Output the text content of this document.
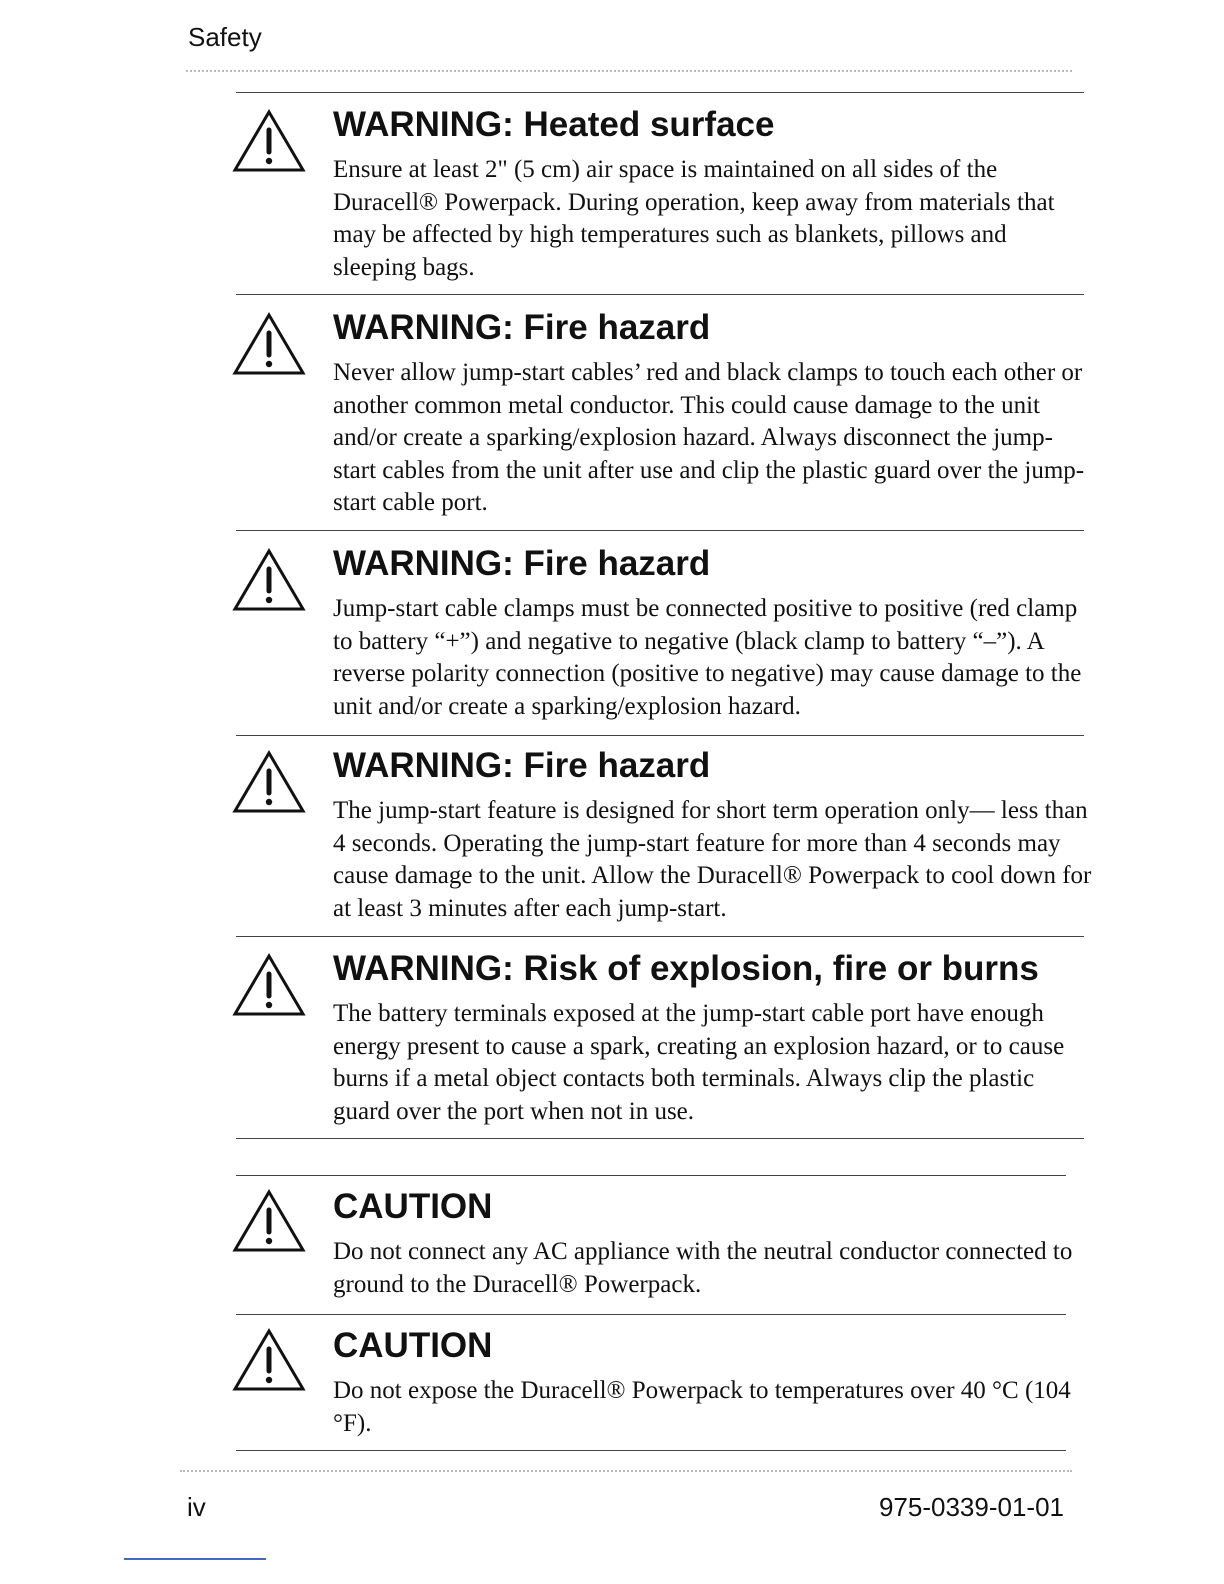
Safety
WARNING: Heated surface

Ensure at least 2" (5 cm) air space is maintained on all sides of the Duracell® Powerpack. During operation, keep away from materials that may be affected by high temperatures such as blankets, pillows and sleeping bags.

WARNING: Fire hazard

Never allow jump-start cables’ red and black clamps to touch each other or another common metal conductor. This could cause damage to the unit and/or create a sparking/explosion hazard. Always disconnect the jump-start cables from the unit after use and clip the plastic guard over the jump-start cable port.

WARNING: Fire hazard

Jump-start cable clamps must be connected positive to positive (red clamp to battery “+”) and negative to negative (black clamp to battery “–”). A reverse polarity connection (positive to negative) may cause damage to the unit and/or create a sparking/explosion hazard.

WARNING: Fire hazard

The jump-start feature is designed for short term operation only— less than 4 seconds. Operating the jump-start feature for more than 4 seconds may cause damage to the unit. Allow the Duracell® Powerpack to cool down for at least 3 minutes after each jump-start.

WARNING: Risk of explosion, fire or burns

The battery terminals exposed at the jump-start cable port have enough energy present to cause a spark, creating an explosion hazard, or to cause burns if a metal object contacts both terminals. Always clip the plastic guard over the port when not in use.

CAUTION

Do not connect any AC appliance with the neutral conductor connected to ground to the Duracell® Powerpack.

CAUTION

Do not expose the Duracell® Powerpack to temperatures over 40 °C (104 °F).

iv	975-0339-01-01
